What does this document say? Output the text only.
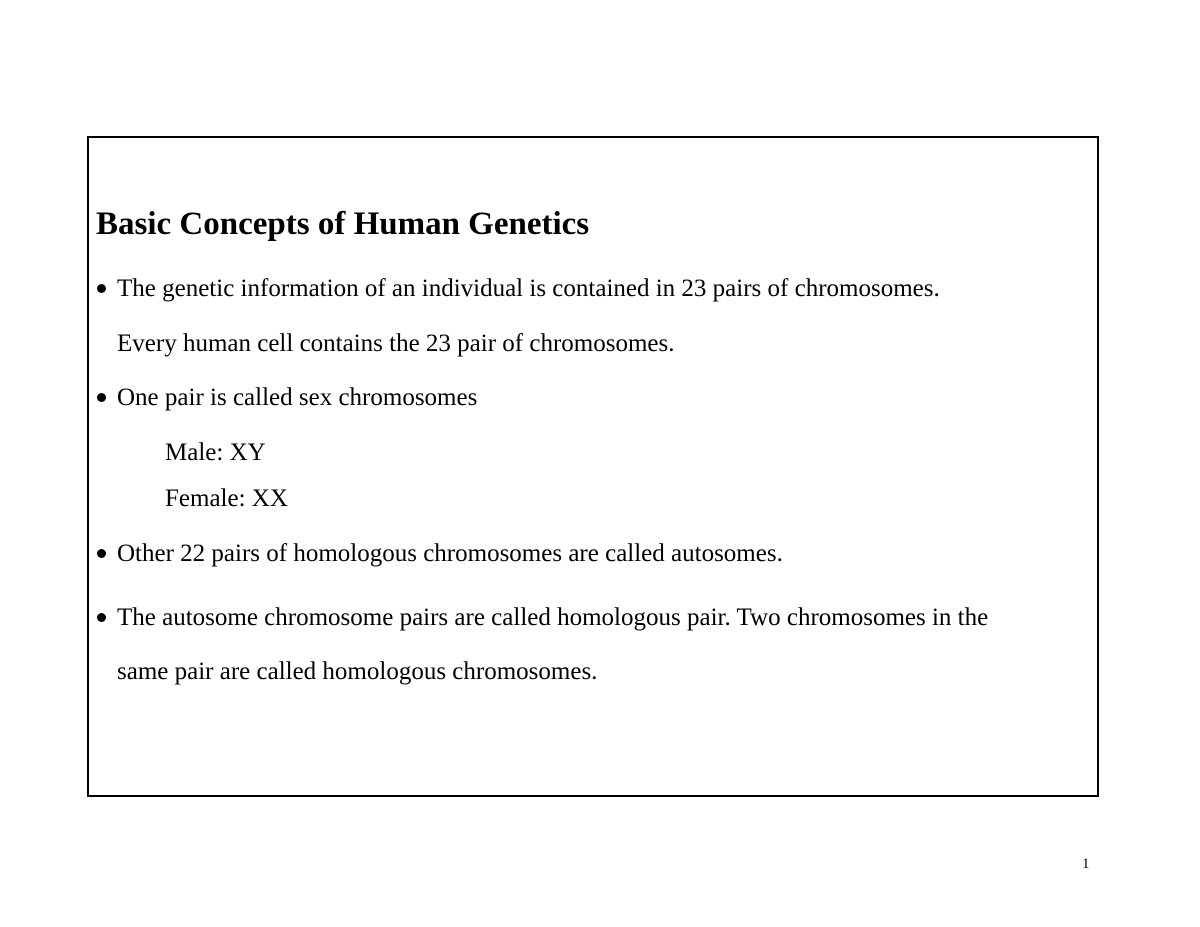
Basic Concepts of Human Genetics
The genetic information of an individual is contained in 23 pairs of chromosomes.
Every human cell contains the 23 pair of chromosomes.
One pair is called sex chromosomes
Male: XY
Female: XX
Other 22 pairs of homologous chromosomes are called autosomes.
The autosome chromosome pairs are called homologous pair. Two chromosomes in the
same pair are called homologous chromosomes.
1
